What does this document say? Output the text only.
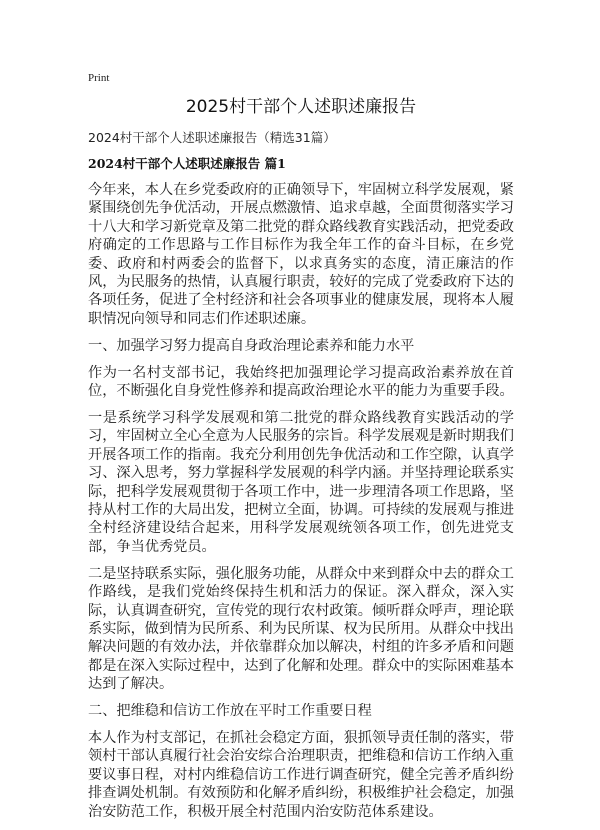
Print
2025村干部个人述职述廉报告
2024村干部个人述职述廉报告（精选31篇）
2024村干部个人述职述廉报告 篇1

今年来，本人在乡党委政府的正确领导下，牢固树立科学发展观，紧紧围绕创先争优活动，开展点燃激情、追求卓越，全面贯彻落实学习十八大和学习新党章及第二批党的群众路线教育实践活动，把党委政府确定的工作思路与工作目标作为我全年工作的奋斗目标，在乡党委、政府和村两委会的监督下，以求真务实的态度，清正廉洁的作风，为民服务的热情，认真履行职责，较好的完成了党委政府下达的各项任务，促进了全村经济和社会各项事业的健康发展，现将本人履职情况向领导和同志们作述职述廉。

一、加强学习努力提高自身政治理论素养和能力水平

作为一名村支部书记，我始终把加强理论学习提高政治素养放在首位，不断强化自身党性修养和提高政治理论水平的能力为重要手段。

一是系统学习科学发展观和第二批党的群众路线教育实践活动的学习，牢固树立全心全意为人民服务的宗旨。科学发展观是新时期我们开展各项工作的指南。我充分利用创先争优活动和工作空隙，认真学习、深入思考，努力掌握科学发展观的科学内涵。并坚持理论联系实际，把科学发展观贯彻于各项工作中，进一步理清各项工作思路，坚持从村工作的大局出发，把树立全面，协调。可持续的发展观与推进全村经济建设结合起来，用科学发展观统领各项工作，创先进党支部，争当优秀党员。

二是坚持联系实际，强化服务功能，从群众中来到群众中去的群众工作路线，是我们党始终保持生机和活力的保证。深入群众，深入实际，认真调查研究，宣传党的现行农村政策。倾听群众呼声，理论联系实际，做到情为民所系、利为民所谋、权为民所用。从群众中找出解决问题的有效办法，并依靠群众加以解决，村组的许多矛盾和问题都是在深入实际过程中，达到了化解和处理。群众中的实际困难基本达到了解决。

二、把维稳和信访工作放在平时工作重要日程

本人作为村支部记，在抓社会稳定方面，狠抓领导责任制的落实，带领村干部认真履行社会治安综合治理职责，把维稳和信访工作纳入重要议事日程，对村内维稳信访工作进行调查研究，健全完善矛盾纠纷排查调处机制。有效预防和化解矛盾纠纷，积极维护社会稳定，加强治安防范工作，积极开展全村范围内治安防范体系建设。
